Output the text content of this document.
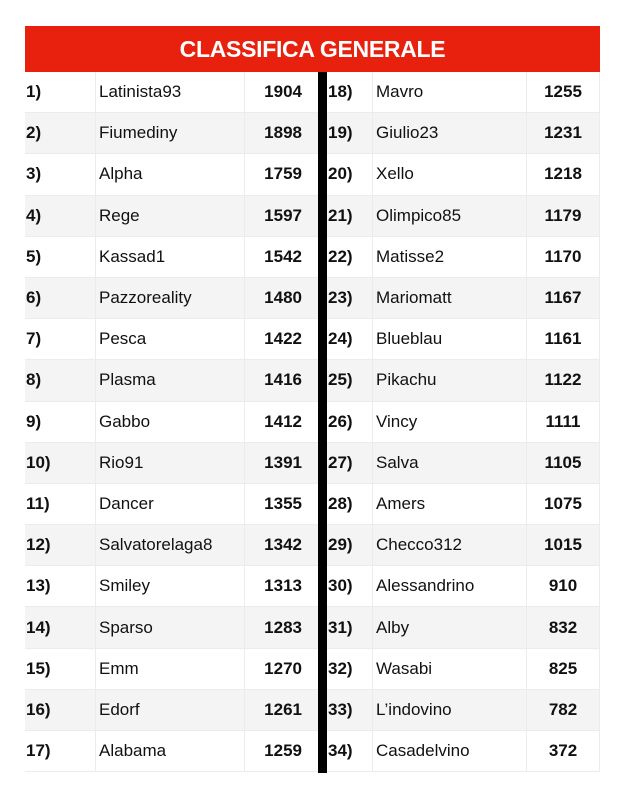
CLASSIFICA GENERALE
1)	Latinista93	1904
2)	Fiumediny	1898
3)	Alpha	1759
4)	Rege	1597
5)	Kassad1	1542
6)	Pazzoreality	1480
7)	Pesca	1422
8)	Plasma	1416
9)	Gabbo	1412
10)	Rio91	1391
11)	Dancer	1355
12)	Salvatorelaga8	1342
13)	Smiley	1313
14)	Sparso	1283
15)	Emm	1270
16)	Edorf	1261
17)	Alabama	1259
18)	Mavro	1255
19)	Giulio23	1231
20)	Xello	1218
21)	Olimpico85	1179
22)	Matisse2	1170
23)	Mariomatt	1167
24)	Blueblau	1161
25)	Pikachu	1122
26)	Vincy	1111
27)	Salva	1105
28)	Amers	1075
29)	Checco312	1015
30)	Alessandrino	910
31)	Alby	832
32)	Wasabi	825
33)	L’indovino	782
34)	Casadelvino	372
